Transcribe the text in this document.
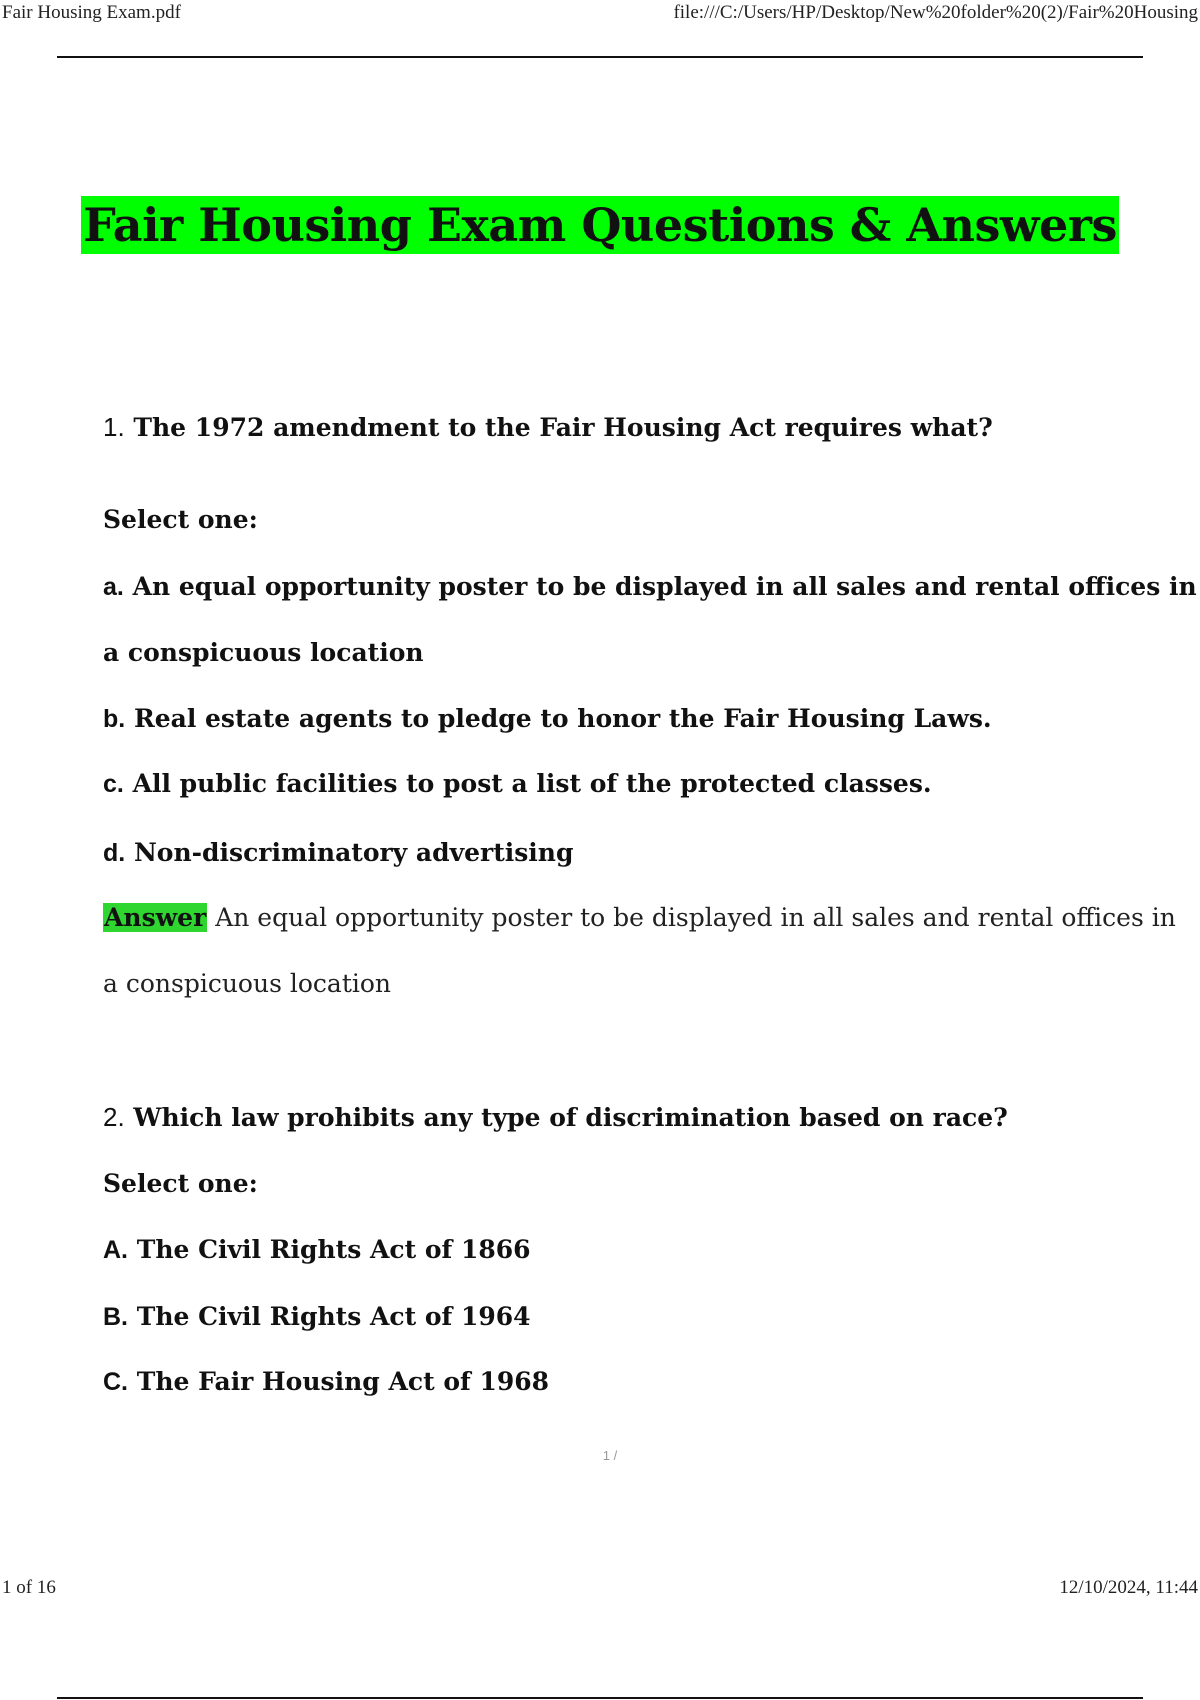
Fair Housing Exam.pdf	file:///C:/Users/HP/Desktop/New%20folder%20(2)/Fair%20Housing
Fair Housing Exam Questions & Answers
1. The 1972 amendment to the Fair Housing Act requires what?
Select one:
a. An equal opportunity poster to be displayed in all sales and rental offices in
a conspicuous location
b. Real estate agents to pledge to honor the Fair Housing Laws.
c. All public facilities to post a list of the protected classes.
d. Non-discriminatory advertising
Answer An equal opportunity poster to be displayed in all sales and rental offices in
a conspicuous location
2. Which law prohibits any type of discrimination based on race?
Select one:
A. The Civil Rights Act of 1866
B. The Civil Rights Act of 1964
C. The Fair Housing Act of 1968
1 /
1 of 16	12/10/2024, 11:44
